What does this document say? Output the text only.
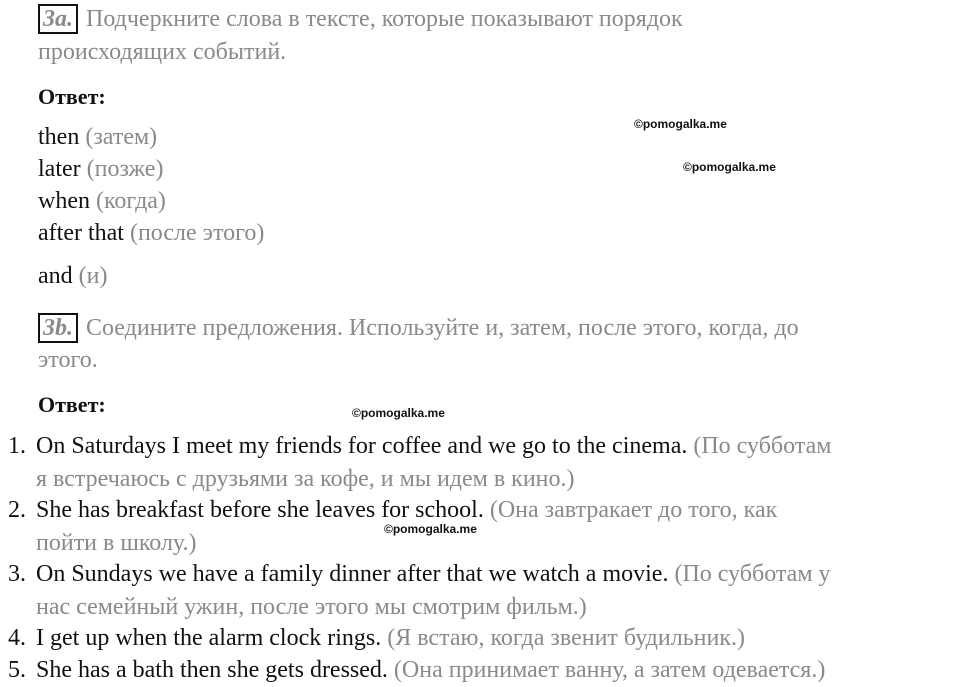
3a. Подчеркните слова в тексте, которые показывают порядок
происходящих событий.
Ответ:
then (затем)
later (позже)
when (когда)
after that (после этого)
and (и)
©pomogalka.me
©pomogalka.me
©pomogalka.me
©pomogalka.me
3b. Соедините предложения. Используйте и, затем, после этого, когда, до
этого.
Ответ:
1. On Saturdays I meet my friends for coffee and we go to the cinema. (По субботам
я встречаюсь с друзьями за кофе, и мы идем в кино.)
2. She has breakfast before she leaves for school. (Она завтракает до того, как
пойти в школу.)
3. On Sundays we have a family dinner after that we watch a movie. (По субботам у
нас семейный ужин, после этого мы смотрим фильм.)
4. I get up when the alarm clock rings. (Я встаю, когда звенит будильник.)
5. She has a bath then she gets dressed. (Она принимает ванну, а затем одевается.)
